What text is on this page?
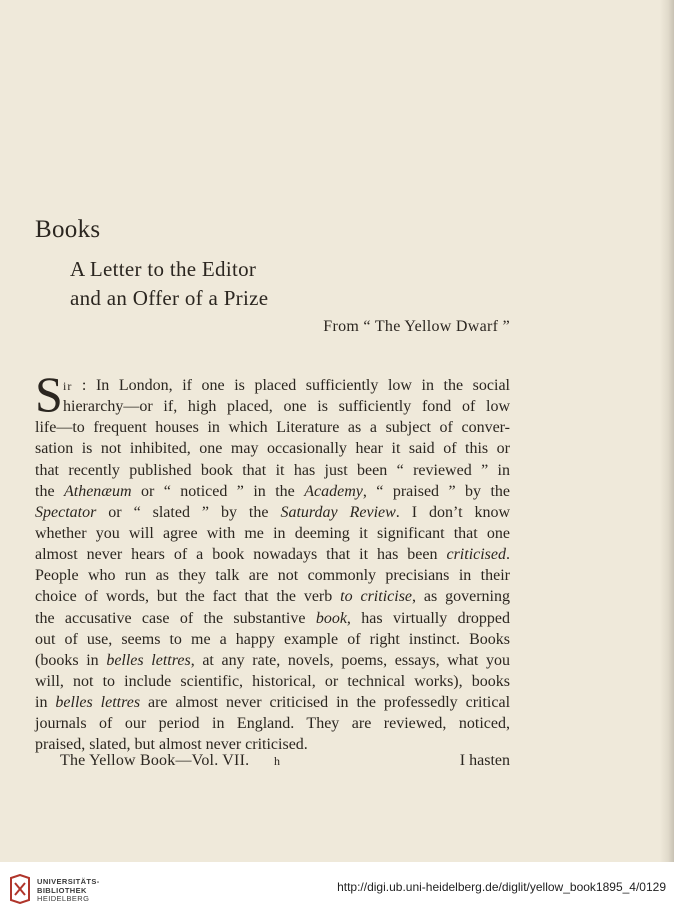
Books
A Letter to the Editor
and an Offer of a Prize
From “ The Yellow Dwarf ”
S ir : In London, if one is placed sufficiently low in the social
hierarchy—or if, high placed, one is sufficiently fond of low
life—to frequent houses in which Literature as a subject of conver-
sation is not inhibited, one may occasionally hear it said of this or
that recently published book that it has just been “ reviewed ” in
the Athenæum or “ noticed ” in the Academy, “ praised ” by the
Spectator or “ slated ” by the Saturday Review. I don’t know
whether you will agree with me in deeming it significant that one
almost never hears of a book nowadays that it has been criticised.
People who run as they talk are not commonly precisians in their
choice of words, but the fact that the verb to criticise, as governing
the accusative case of the substantive book, has virtually dropped
out of use, seems to me a happy example of right instinct. Books
(books in belles lettres, at any rate, novels, poems, essays, what you
will, not to include scientific, historical, or technical works), books
in belles lettres are almost never criticised in the professedly critical
journals of our period in England. They are reviewed, noticed,
praised, slated, but almost never criticised.
The Yellow Book—Vol. VII. h	I hasten
UNIVERSITÄTS-
BIBLIOTHEK
HEIDELBERG
http://digi.ub.uni-heidelberg.de/diglit/yellow_book1895_4/0129
